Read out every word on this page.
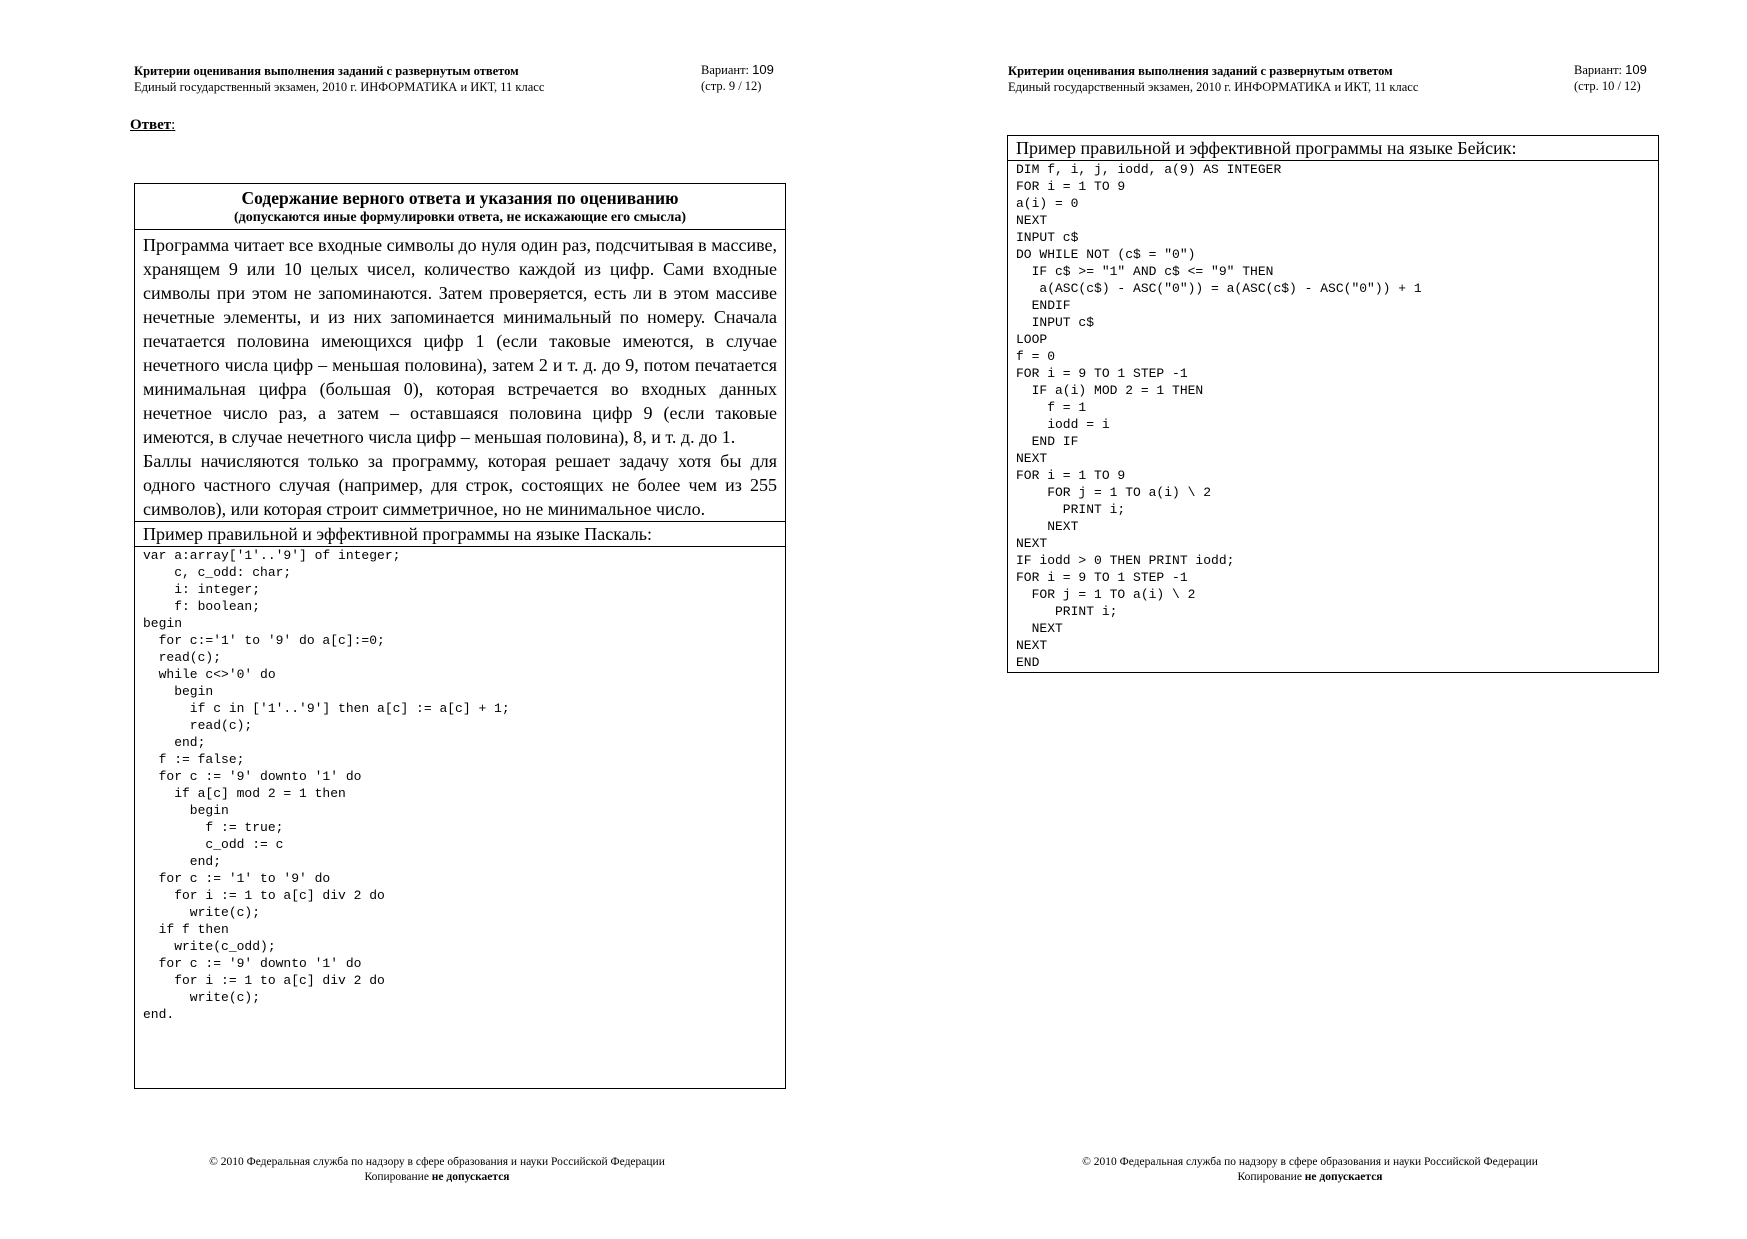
Критерии оценивания выполнения заданий с развернутым ответом
Единый государственный экзамен, 2010 г. ИНФОРМАТИКА и ИКТ, 11 класс
Вариант: 109
(стр. 9 / 12)
Ответ:
Содержание верного ответа и указания по оцениванию
(допускаются иные формулировки ответа, не искажающие его смысла)

Программа читает все входные символы до нуля один раз, подсчитывая в массиве, хранящем 9 или 10 целых чисел, количество каждой из цифр. Сами входные символы при этом не запоминаются. Затем проверяется, есть ли в этом массиве нечетные элементы, и из них запоминается минимальный по номеру. Сначала печатается половина имеющихся цифр 1 (если таковые имеются, в случае нечетного числа цифр – меньшая половина), затем 2 и т. д. до 9, потом печатается минимальная цифра (большая 0), которая встречается во входных данных нечетное число раз, а затем – оставшаяся половина цифр 9 (если таковые имеются, в случае нечетного числа цифр – меньшая половина), 8, и т. д. до 1.

Баллы начисляются только за программу, которая решает задачу хотя бы для одного частного случая (например, для строк, состоящих не более чем из 255 символов), или которая строит симметричное, но не минимальное число.

Пример правильной и эффективной программы на языке Паскаль:
var a:array['1'..'9'] of integer;
c, c_odd: char;
i: integer;
f: boolean;
begin
for c:='1' to '9' do a[c]:=0;
read(c);
while c<>'0' do
begin
if c in ['1'..'9'] then a[c] := a[c] + 1;
read(c);
end;
f := false;
for c := '9' downto '1' do
if a[c] mod 2 = 1 then
begin
f := true;
c_odd := c
end;
for c := '1' to '9' do
for i := 1 to a[c] div 2 do
write(c);
if f then
write(c_odd);
for c := '9' downto '1' do
for i := 1 to a[c] div 2 do
write(c);
end.
© 2010 Федеральная служба по надзору в сфере образования и науки Российской Федерации
Копирование не допускается
Критерии оценивания выполнения заданий с развернутым ответом
Единый государственный экзамен, 2010 г. ИНФОРМАТИКА и ИКТ, 11 класс
Вариант: 109
(стр. 10 / 12)
Пример правильной и эффективной программы на языке Бейсик:
DIM f, i, j, iodd, a(9) AS INTEGER
FOR i = 1 TO 9
a(i) = 0
NEXT
INPUT c$
DO WHILE NOT (c$ = "0")
IF c$ >= "1" AND c$ <= "9" THEN
a(ASC(c$) - ASC("0")) = a(ASC(c$) - ASC("0")) + 1
ENDIF
INPUT c$
LOOP
f = 0
FOR i = 9 TO 1 STEP -1
IF a(i) MOD 2 = 1 THEN
f = 1
iodd = i
END IF
NEXT
FOR i = 1 TO 9
FOR j = 1 TO a(i) \ 2
PRINT i;
NEXT
NEXT
IF iodd > 0 THEN PRINT iodd;
FOR i = 9 TO 1 STEP -1
FOR j = 1 TO a(i) \ 2
PRINT i;
NEXT
NEXT
END
© 2010 Федеральная служба по надзору в сфере образования и науки Российской Федерации
Копирование не допускается
